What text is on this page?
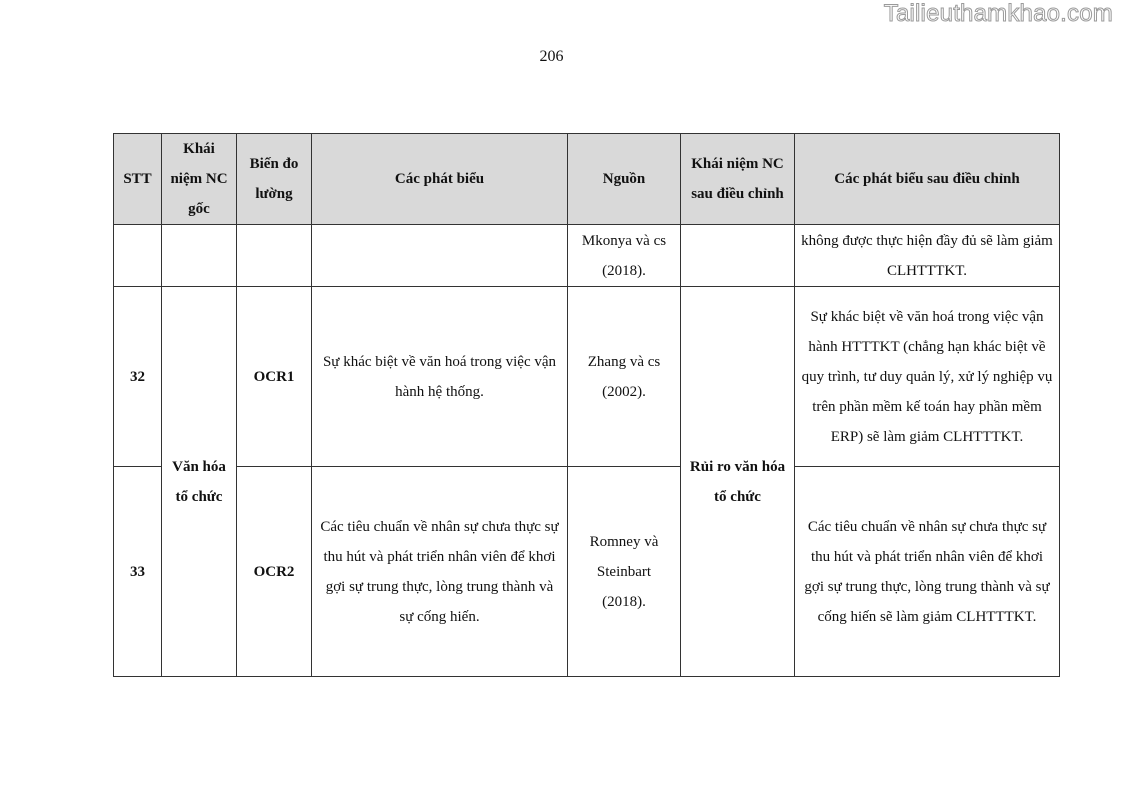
Tailieuthamkhao.com
206
STT	Khái niệm NC gốc	Biến đo lường	Các phát biểu	Nguồn	Khái niệm NC sau điều chỉnh	Các phát biểu sau điều chỉnh
				Mkonya và cs (2018).		không được thực hiện đầy đủ sẽ làm giảm CLHTTTKT.
32	Văn hóa tổ chức	OCR1	Sự khác biệt về văn hoá trong việc vận hành hệ thống.	Zhang và cs (2002).	Rủi ro văn hóa tổ chức	Sự khác biệt về văn hoá trong việc vận hành HTTTKT (chẳng hạn khác biệt về quy trình, tư duy quản lý, xử lý nghiệp vụ trên phần mềm kế toán hay phần mềm ERP) sẽ làm giảm CLHTTTKT.
33		OCR2	Các tiêu chuẩn về nhân sự chưa thực sự thu hút và phát triển nhân viên để khơi gợi sự trung thực, lòng trung thành và sự cống hiến.	Romney và Steinbart (2018).		Các tiêu chuẩn về nhân sự chưa thực sự thu hút và phát triển nhân viên để khơi gợi sự trung thực, lòng trung thành và sự cống hiến sẽ làm giảm CLHTTTKT.
